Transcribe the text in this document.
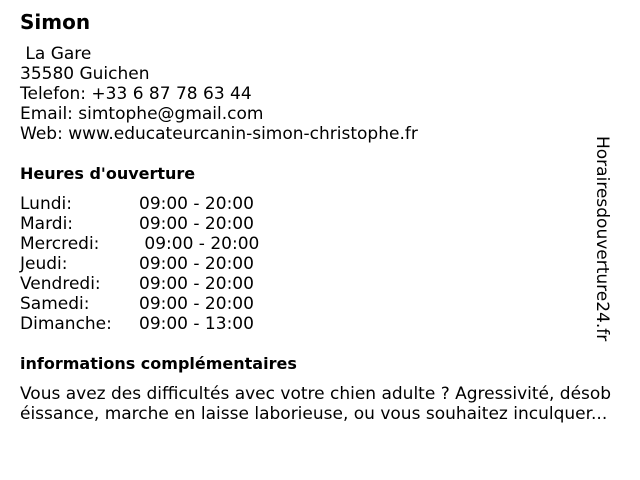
Simon
La Gare
35580 Guichen
Telefon: +33 6 87 78 63 44
Email: simtophe@gmail.com
Web: www.educateurcanin-simon-christophe.fr
Heures d'ouverture
Lundi:	09:00 - 20:00
Mardi:	09:00 - 20:00
Mercredi: 09:00 - 20:00
Jeudi:	09:00 - 20:00
Vendredi: 09:00 - 20:00
Samedi:	09:00 - 20:00
Dimanche: 09:00 - 13:00
informations complémentaires
Vous avez des difficultés avec votre chien adulte ? Agressivité, désob
éissance, marche en laisse laborieuse, ou vous souhaitez inculquer...
Horairesdouverture24.fr
